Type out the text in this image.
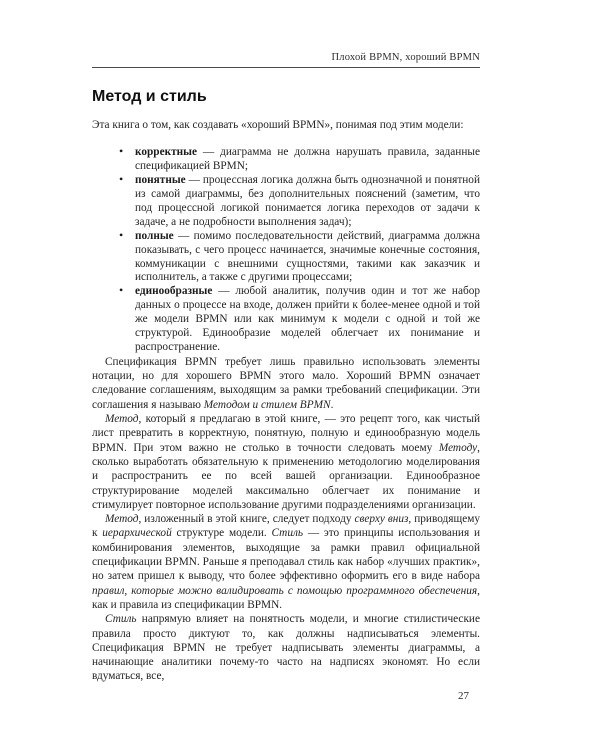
Плохой BPMN, хороший BPMN
Метод и стиль

Эта книга о том, как создавать «хороший BPMN», понимая под этим модели:

• корректные — диаграмма не должна нарушать правила, заданные спецификацией BPMN;
• понятные — процессная логика должна быть однозначной и понятной из самой диаграммы, без дополнительных пояснений (заметим, что под процессной логикой понимается логика переходов от задачи к задаче, а не подробности выполнения задач);
• полные — помимо последовательности действий, диаграмма должна показывать, с чего процесс начинается, значимые конечные состояния, коммуникации с внешними сущностями, такими как заказчик и исполнитель, а также с другими процессами;
• единообразные — любой аналитик, получив один и тот же набор данных о процессе на входе, должен прийти к более-менее одной и той же модели BPMN или как минимум к модели с одной и той же структурой. Единообразие моделей облегчает их понимание и распространение.

Спецификация BPMN требует лишь правильно использовать элементы нотации, но для хорошего BPMN этого мало. Хороший BPMN означает следование соглашениям, выходящим за рамки требований спецификации. Эти соглашения я называю Методом и стилем BPMN.

Метод, который я предлагаю в этой книге, — это рецепт того, как чистый лист превратить в корректную, понятную, полную и единообразную модель BPMN. При этом важно не столько в точности следовать моему Методу, сколько выработать обязательную к применению методологию моделирования и распространить ее по всей вашей организации. Единообразное структурирование моделей максимально облегчает их понимание и стимулирует повторное использование другими подразделениями организации.

Метод, изложенный в этой книге, следует подходу сверху вниз, приводящему к иерархической структуре модели. Стиль — это принципы использования и комбинирования элементов, выходящие за рамки правил официальной спецификации BPMN. Раньше я преподавал стиль как набор «лучших практик», но затем пришел к выводу, что более эффективно оформить его в виде набора правил, которые можно валидировать с помощью программного обеспечения, как и правила из спецификации BPMN.

Стиль напрямую влияет на понятность модели, и многие стилистические правила просто диктуют то, как должны надписываться элементы. Спецификация BPMN не требует надписывать элементы диаграммы, а начинающие аналитики почему-то часто на надписях экономят. Но если вдуматься, все,

27
